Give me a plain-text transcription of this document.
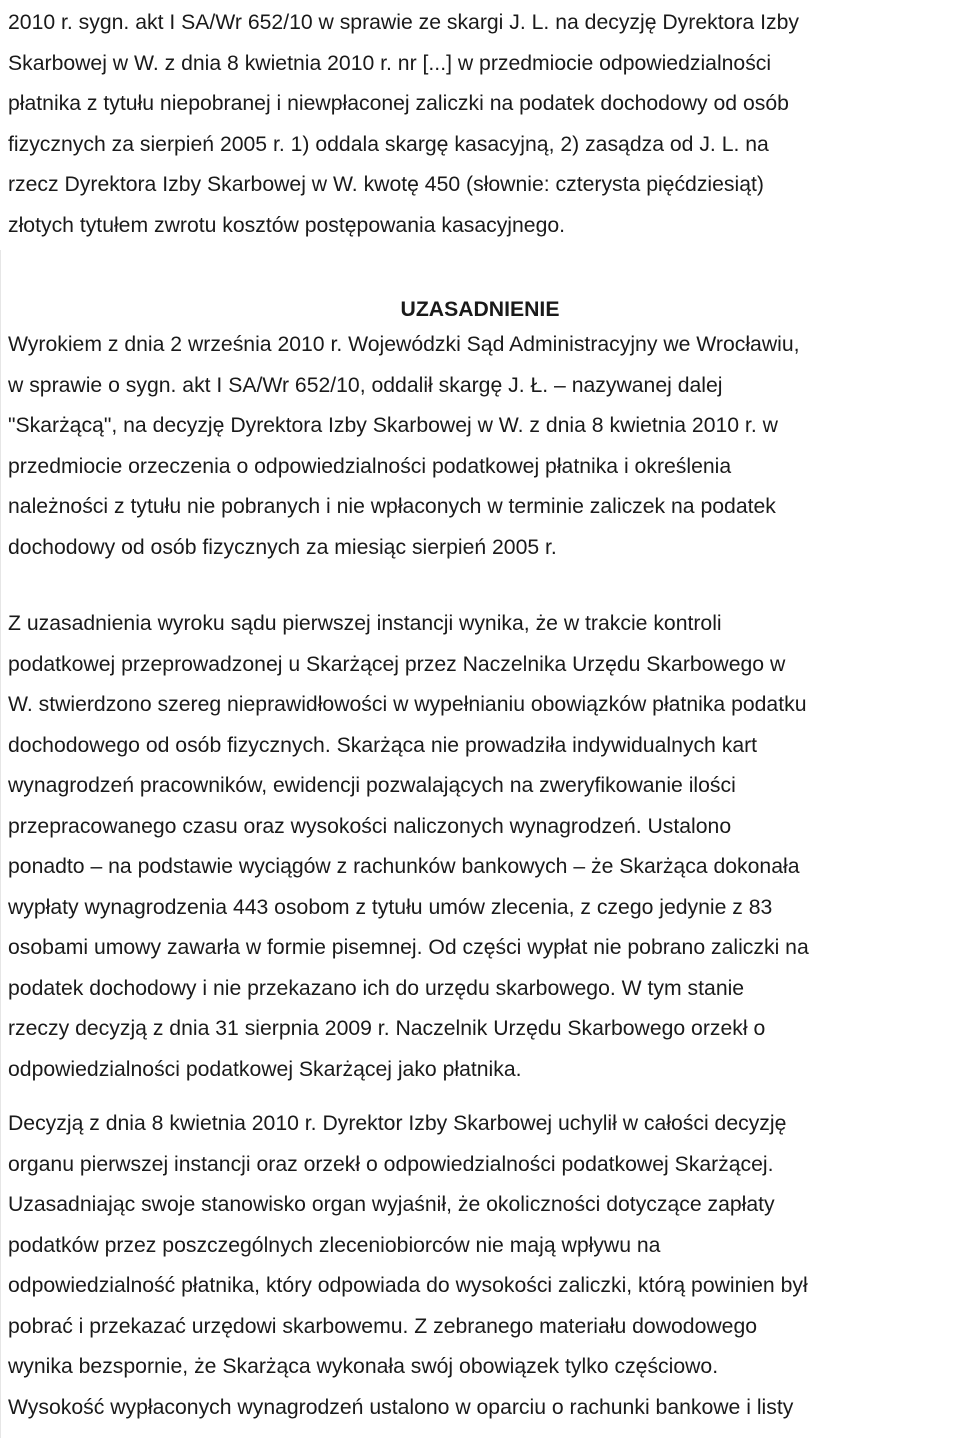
2010 r. sygn. akt I SA/Wr 652/10 w sprawie ze skargi J. L. na decyzję Dyrektora Izby
Skarbowej w W. z dnia 8 kwietnia 2010 r. nr [...] w przedmiocie odpowiedzialności
płatnika z tytułu niepobranej i niewpłaconej zaliczki na podatek dochodowy od osób
fizycznych za sierpień 2005 r. 1) oddala skargę kasacyjną, 2) zasądza od J. L. na
rzecz Dyrektora Izby Skarbowej w W. kwotę 450 (słownie: czterysta pięćdziesiąt)
złotych tytułem zwrotu kosztów postępowania kasacyjnego.

UZASADNIENIE

Wyrokiem z dnia 2 września 2010 r. Wojewódzki Sąd Administracyjny we Wrocławiu,
w sprawie o sygn. akt I SA/Wr 652/10, oddalił skargę J. Ł. – nazywanej dalej
"Skarżącą", na decyzję Dyrektora Izby Skarbowej w W. z dnia 8 kwietnia 2010 r. w
przedmiocie orzeczenia o odpowiedzialności podatkowej płatnika i określenia
należności z tytułu nie pobranych i nie wpłaconych w terminie zaliczek na podatek
dochodowy od osób fizycznych za miesiąc sierpień 2005 r.

Z uzasadnienia wyroku sądu pierwszej instancji wynika, że w trakcie kontroli
podatkowej przeprowadzonej u Skarżącej przez Naczelnika Urzędu Skarbowego w
W. stwierdzono szereg nieprawidłowości w wypełnianiu obowiązków płatnika podatku
dochodowego od osób fizycznych. Skarżąca nie prowadziła indywidualnych kart
wynagrodzeń pracowników, ewidencji pozwalających na zweryfikowanie ilości
przepracowanego czasu oraz wysokości naliczonych wynagrodzeń. Ustalono
ponadto – na podstawie wyciągów z rachunków bankowych – że Skarżąca dokonała
wypłaty wynagrodzenia 443 osobom z tytułu umów zlecenia, z czego jedynie z 83
osobami umowy zawarła w formie pisemnej. Od części wypłat nie pobrano zaliczki na
podatek dochodowy i nie przekazano ich do urzędu skarbowego. W tym stanie
rzeczy decyzją z dnia 31 sierpnia 2009 r. Naczelnik Urzędu Skarbowego orzekł o
odpowiedzialności podatkowej Skarżącej jako płatnika.

Decyzją z dnia 8 kwietnia 2010 r. Dyrektor Izby Skarbowej uchylił w całości decyzję
organu pierwszej instancji oraz orzekł o odpowiedzialności podatkowej Skarżącej.
Uzasadniając swoje stanowisko organ wyjaśnił, że okoliczności dotyczące zapłaty
podatków przez poszczególnych zleceniobiorców nie mają wpływu na
odpowiedzialność płatnika, który odpowiada do wysokości zaliczki, którą powinien był
pobrać i przekazać urzędowi skarbowemu. Z zebranego materiału dowodowego
wynika bezspornie, że Skarżąca wykonała swój obowiązek tylko częściowo.
Wysokość wypłaconych wynagrodzeń ustalono w oparciu o rachunki bankowe i listy
